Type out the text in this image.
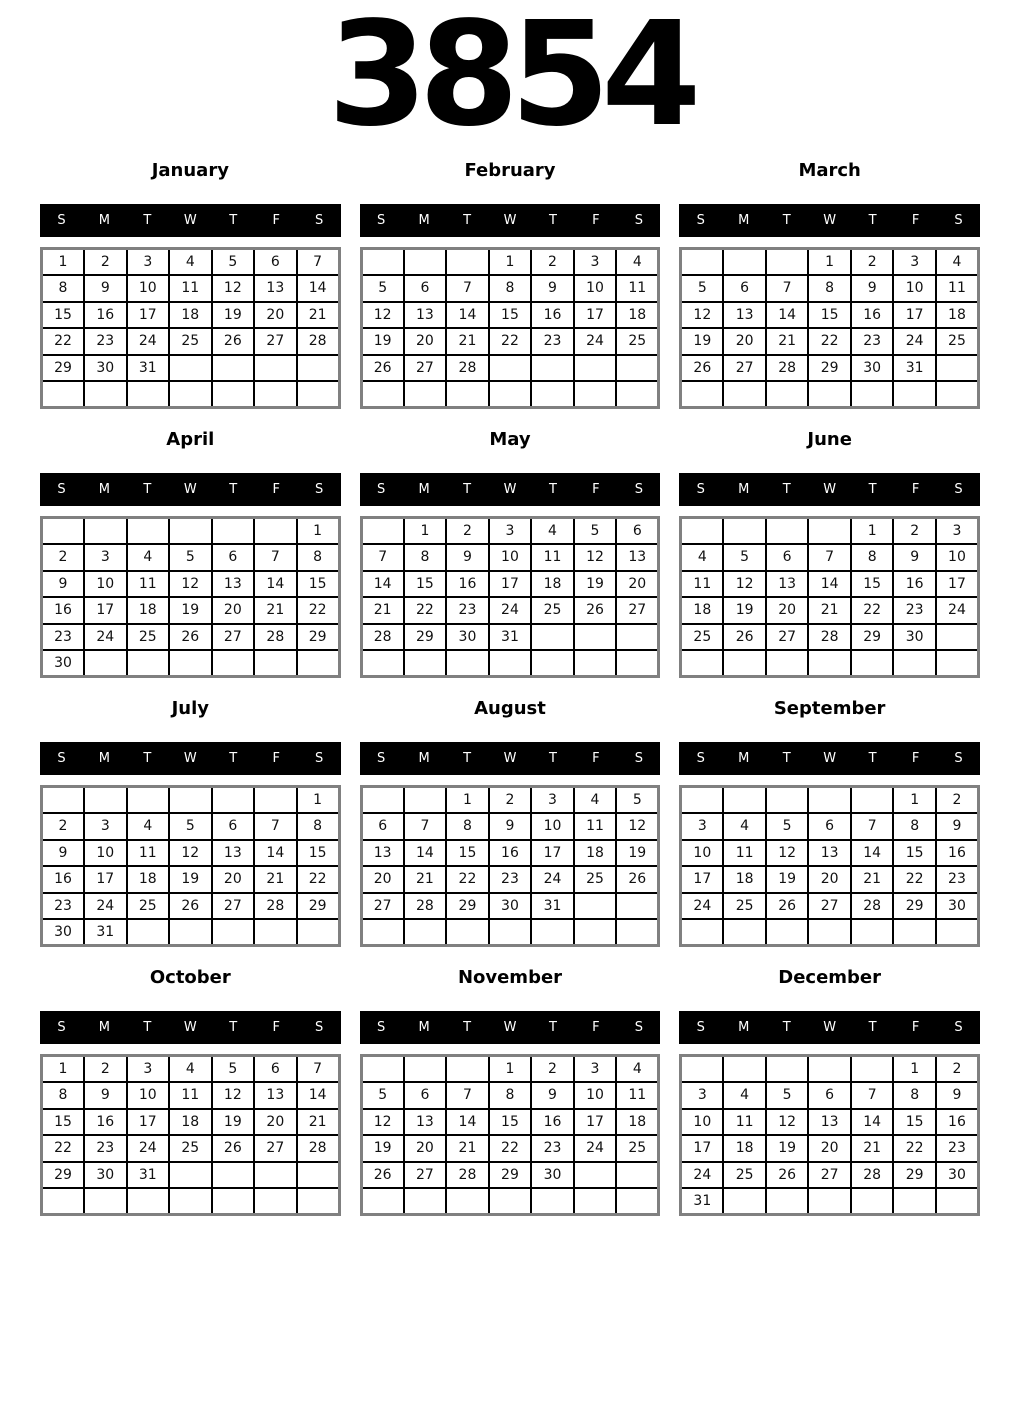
3854
January
S	M	T	W	T	F	S
1	2	3	4	5	6	7
8	9	10	11	12	13	14
15	16	17	18	19	20	21
22	23	24	25	26	27	28
29	30	31				

February
S	M	T	W	T	F	S
			1	2	3	4
5	6	7	8	9	10	11
12	13	14	15	16	17	18
19	20	21	22	23	24	25
26	27	28				

March
S	M	T	W	T	F	S
			1	2	3	4
5	6	7	8	9	10	11
12	13	14	15	16	17	18
19	20	21	22	23	24	25
26	27	28	29	30	31	

April
S	M	T	W	T	F	S
						1
2	3	4	5	6	7	8
9	10	11	12	13	14	15
16	17	18	19	20	21	22
23	24	25	26	27	28	29
30						
May
S	M	T	W	T	F	S
	1	2	3	4	5	6
7	8	9	10	11	12	13
14	15	16	17	18	19	20
21	22	23	24	25	26	27
28	29	30	31			

June
S	M	T	W	T	F	S
				1	2	3
4	5	6	7	8	9	10
11	12	13	14	15	16	17
18	19	20	21	22	23	24
25	26	27	28	29	30	

July
S	M	T	W	T	F	S
						1
2	3	4	5	6	7	8
9	10	11	12	13	14	15
16	17	18	19	20	21	22
23	24	25	26	27	28	29
30	31					
August
S	M	T	W	T	F	S
		1	2	3	4	5
6	7	8	9	10	11	12
13	14	15	16	17	18	19
20	21	22	23	24	25	26
27	28	29	30	31		

September
S	M	T	W	T	F	S
					1	2
3	4	5	6	7	8	9
10	11	12	13	14	15	16
17	18	19	20	21	22	23
24	25	26	27	28	29	30

October
S	M	T	W	T	F	S
1	2	3	4	5	6	7
8	9	10	11	12	13	14
15	16	17	18	19	20	21
22	23	24	25	26	27	28
29	30	31				

November
S	M	T	W	T	F	S
			1	2	3	4
5	6	7	8	9	10	11
12	13	14	15	16	17	18
19	20	21	22	23	24	25
26	27	28	29	30		

December
S	M	T	W	T	F	S
					1	2
3	4	5	6	7	8	9
10	11	12	13	14	15	16
17	18	19	20	21	22	23
24	25	26	27	28	29	30
31						
